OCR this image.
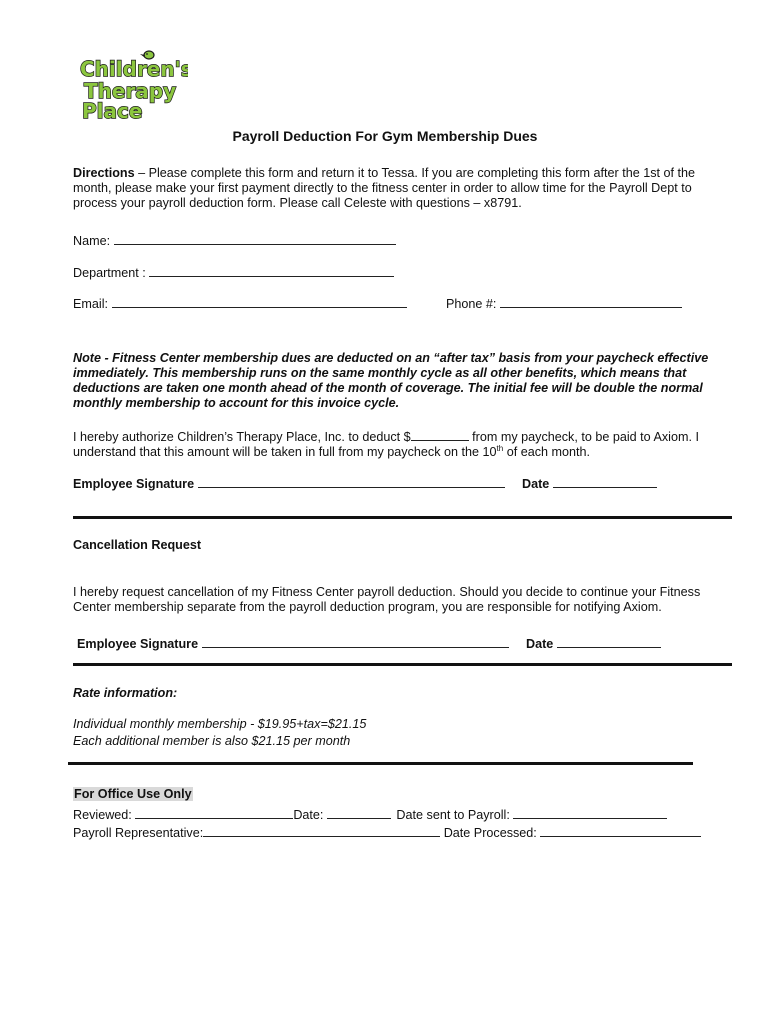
Children's
Therapy
Place
Payroll Deduction For Gym Membership Dues
Directions – Please complete this form and return it to Tessa. If you are completing this form after the 1st of the month, please make your first payment directly to the fitness center in order to allow time for the Payroll Dept to process your payroll deduction form. Please call Celeste with questions – x8791.
Name:
Department :
Email:	Phone #:
Note - Fitness Center membership dues are deducted on an “after tax” basis from your paycheck effective immediately. This membership runs on the same monthly cycle as all other benefits, which means that deductions are taken one month ahead of the month of coverage. The initial fee will be double the normal monthly membership to account for this invoice cycle.
I hereby authorize Children’s Therapy Place, Inc. to deduct $	from my paycheck, to be paid to Axiom. I understand that this amount will be taken in full from my paycheck on the 10th of each month.
Employee Signature	Date
Cancellation Request
I hereby request cancellation of my Fitness Center payroll deduction. Should you decide to continue your Fitness Center membership separate from the payroll deduction program, you are responsible for notifying Axiom.
Employee Signature	Date
Rate information:
Individual monthly membership - $19.95+tax=$21.15
Each additional member is also $21.15 per month
For Office Use Only
Reviewed:	Date:	Date sent to Payroll:
Payroll Representative:	Date Processed:
